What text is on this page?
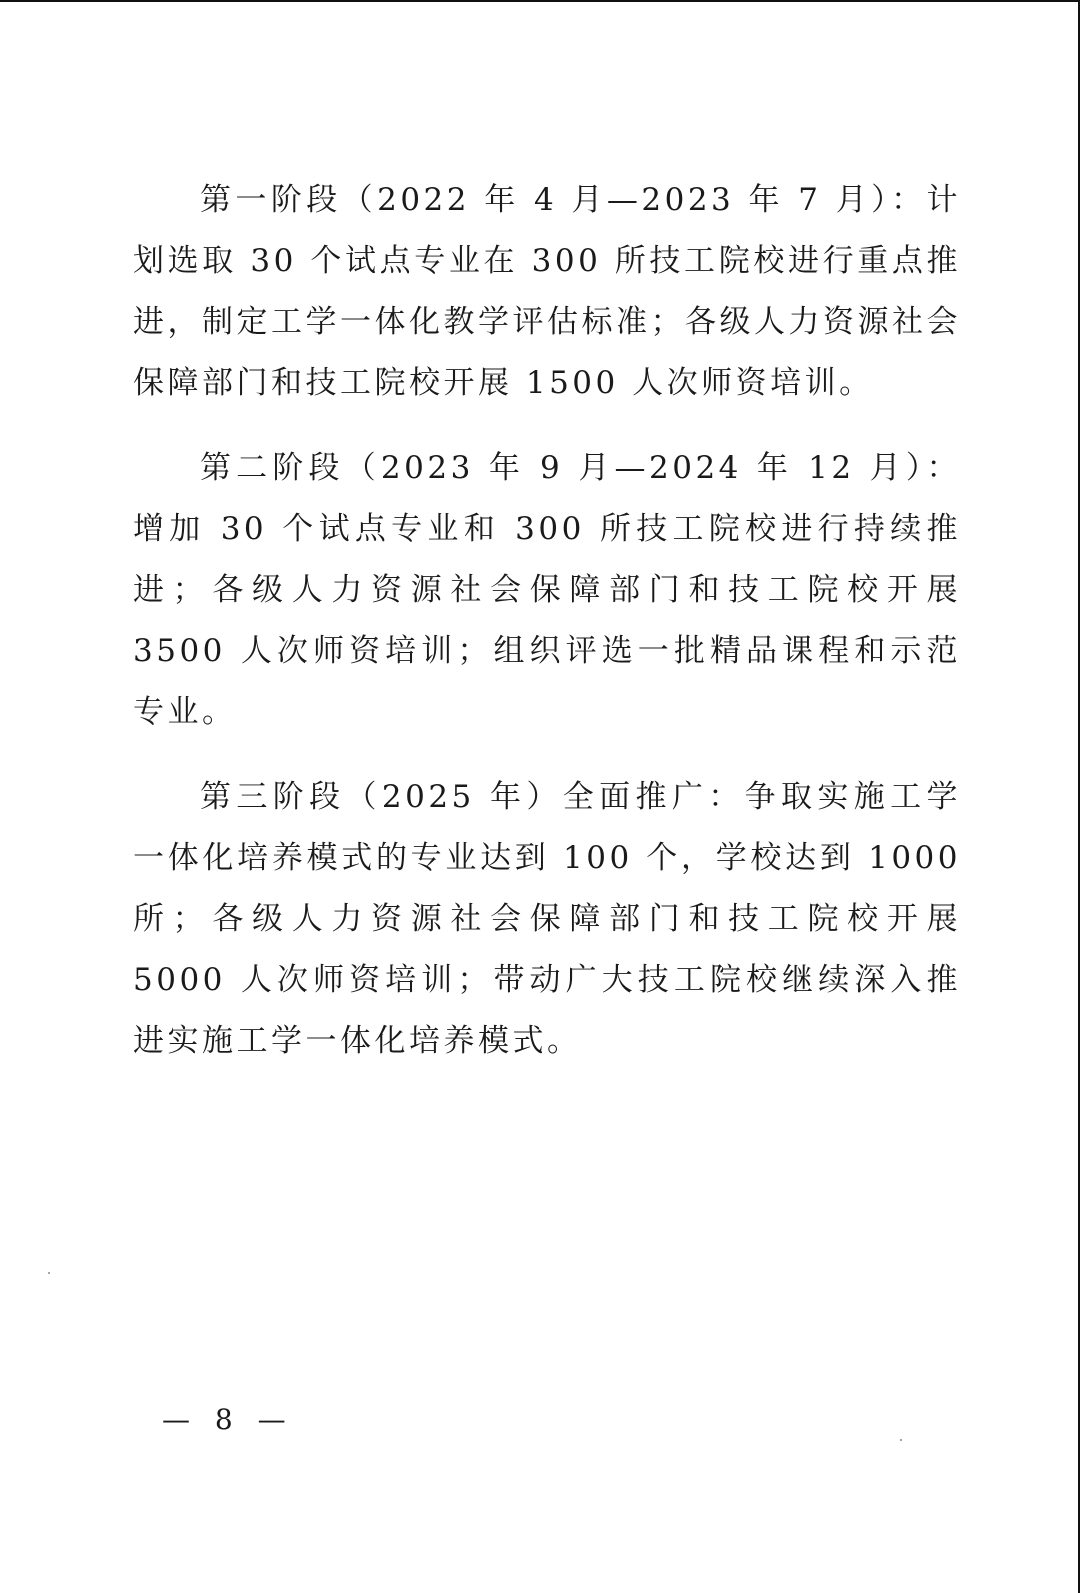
第一阶段（2022 年 4 月—2023 年 7 月）：计划选取 30 个试点专业在 300 所技工院校进行重点推进，制定工学一体化教学评估标准；各级人力资源社会保障部门和技工院校开展 1500 人次师资培训。

第二阶段（2023 年 9 月—2024 年 12 月）：增加 30 个试点专业和 300 所技工院校进行持续推进；各级人力资源社会保障部门和技工院校开展 3500 人次师资培训；组织评选一批精品课程和示范专业。

第三阶段（2025 年）全面推广：争取实施工学一体化培养模式的专业达到 100 个，学校达到 1000 所；各级人力资源社会保障部门和技工院校开展 5000 人次师资培训；带动广大技工院校继续深入推进实施工学一体化培养模式。

— 8 —
